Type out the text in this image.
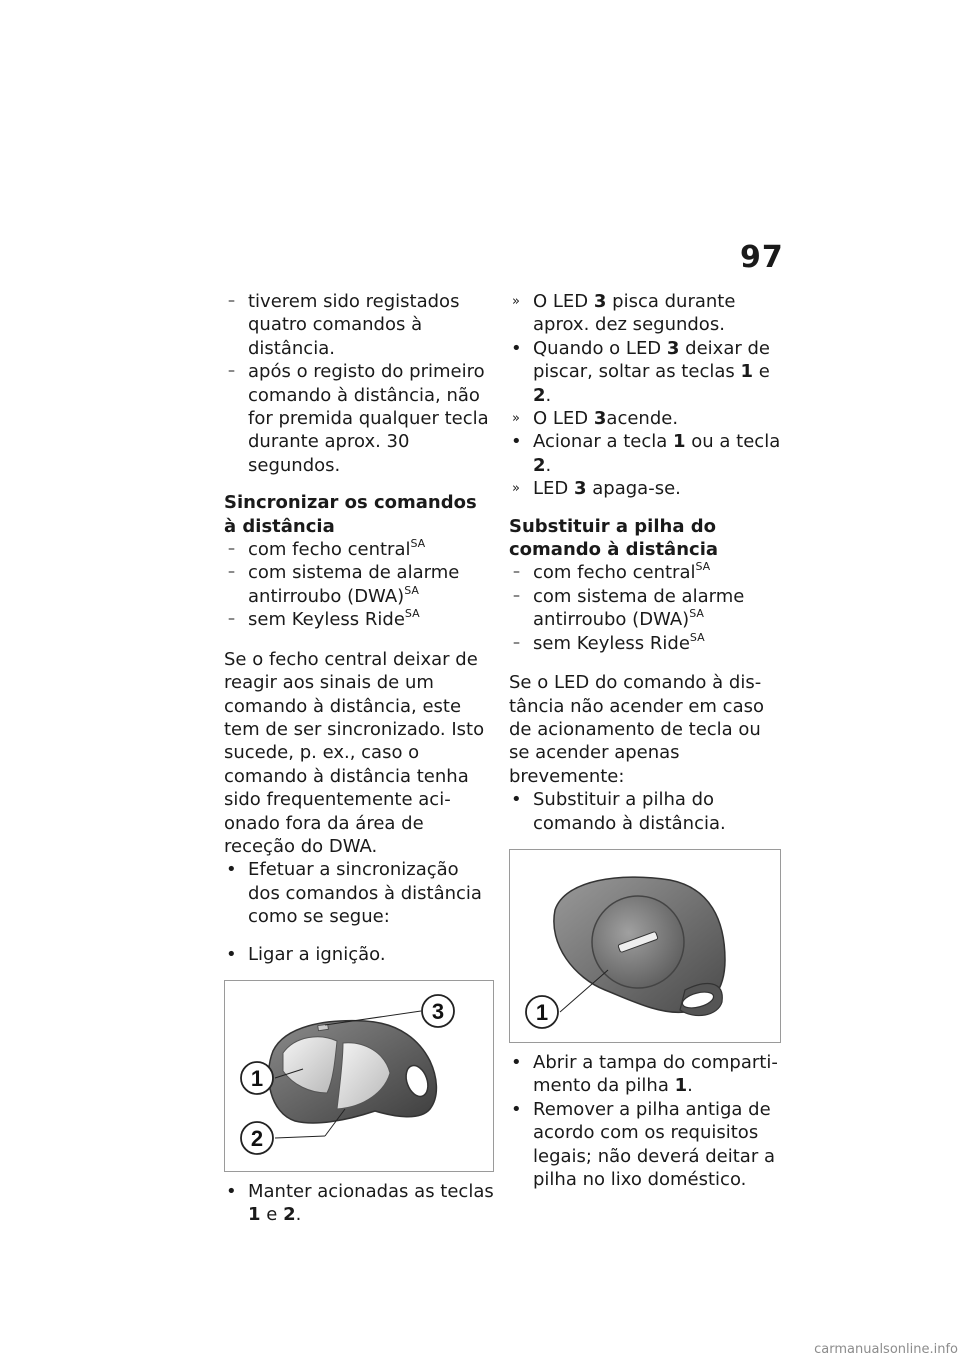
97

– tiverem sido registados quatro comandos à distância.

– após o registo do primeiro comando à distância, não for premida qualquer tecla durante aprox. 30 segundos.

Sincronizar os comandos à distância

– com fecho central$^{SA}$

– com sistema de alarme antirroubo (DWA)$^{SA}$

– sem Keyless Ride$^{SA}$

Se o fecho central deixar de reagir aos sinais de um comando à distância, este tem de ser sincronizado. Isto sucede, p. ex., caso o comando à distância tenha sido frequentemente acionado fora da área de receção do DWA.

• Efetuar a sincronização dos comandos à distância como se segue:

• Ligar a ignição.

1
2
3

• Manter acionadas as teclas 1 e 2.

» O LED 3 pisca durante aprox. dez segundos.

• Quando o LED 3 deixar de piscar, soltar as teclas 1 e 2.

» O LED 3acende.

• Acionar a tecla 1 ou a tecla 2.

» LED 3 apaga-se.

Substituir a pilha do comando à distância

– com fecho central$^{SA}$

– com sistema de alarme antirroubo (DWA)$^{SA}$

– sem Keyless Ride$^{SA}$

Se o LED do comando à distância não acender em caso de acionamento de tecla ou se acender apenas brevemente:

• Substituir a pilha do comando à distância.

1

• Abrir a tampa do compartimento da pilha 1.

• Remover a pilha antiga de acordo com os requisitos legais; não deverá deitar a pilha no lixo doméstico.

carmanualsonline.info
